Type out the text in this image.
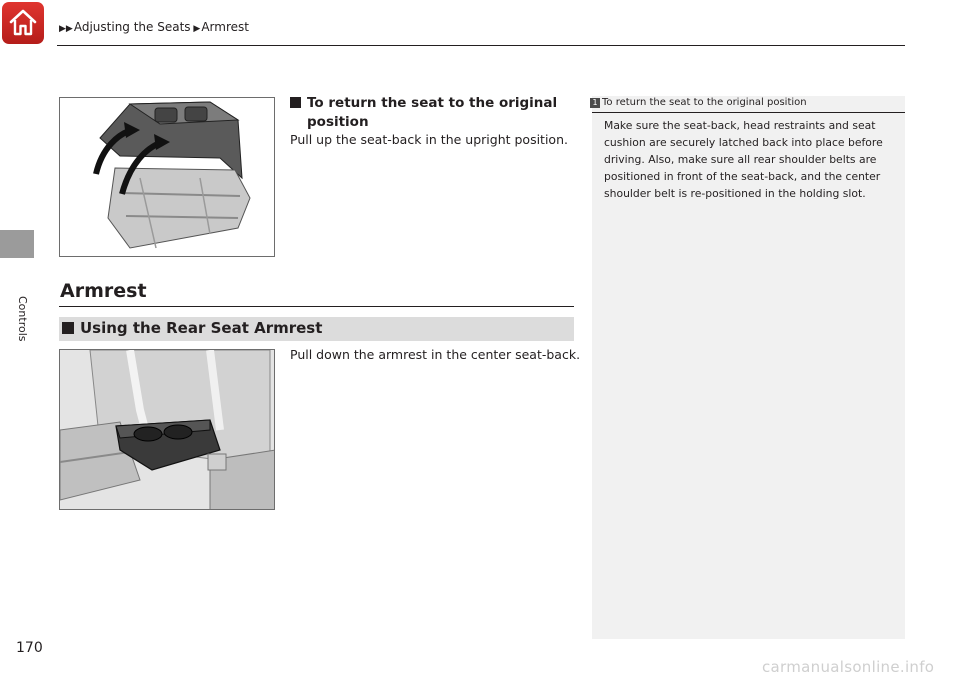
▶▶Adjusting the Seats ▶Armrest
Controls
To return the seat to the original
position
Pull up the seat-back in the upright position.
Armrest
Using the Rear Seat Armrest
Pull down the armrest in the center seat-back.
1 To return the seat to the original position
Make sure the seat-back, head restraints and seat
cushion are securely latched back into place before
driving. Also, make sure all rear shoulder belts are
positioned in front of the seat-back, and the center
shoulder belt is re-positioned in the holding slot.
170
carmanualsonline.info
